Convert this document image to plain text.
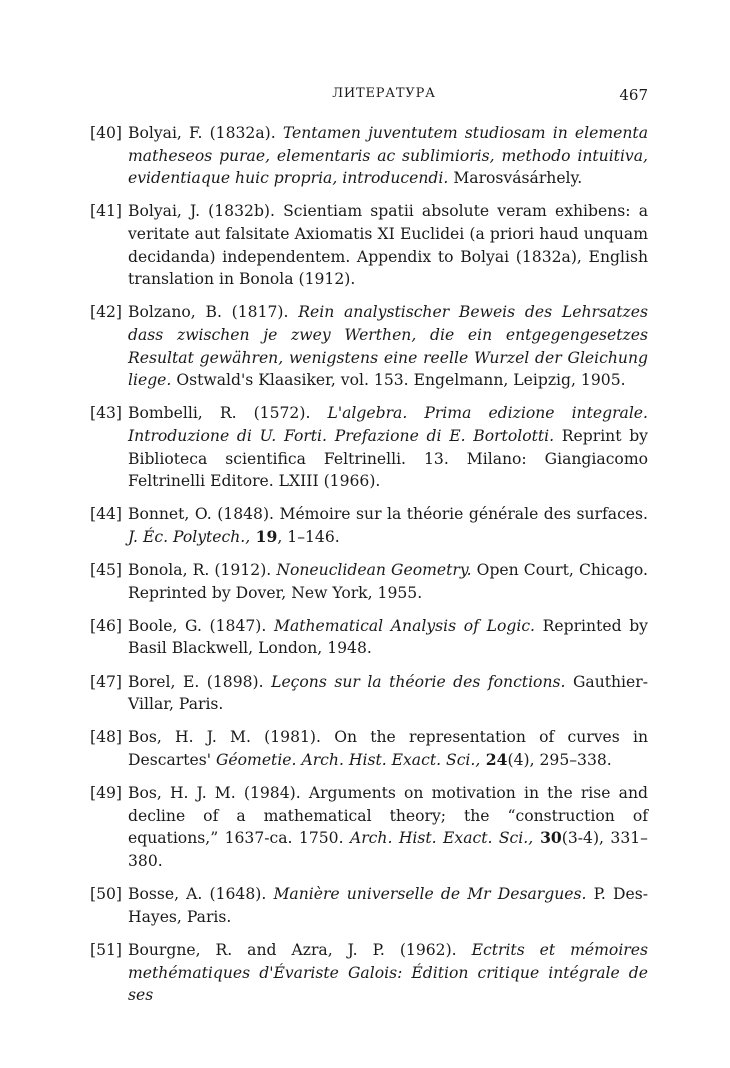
ЛИТЕРАТУРА	467
[40] Bolyai, F. (1832a). Tentamen juventutem studiosam in elementa matheseos purae, elementaris ac sublimioris, methodo intuitiva, evidentiaque huic propria, introducendi. Marosvásárhely.
[41] Bolyai, J. (1832b). Scientiam spatii absolute veram exhibens: a veritate aut falsitate Axiomatis XI Euclidei (a priori haud unquam decidanda) independentem. Appendix to Bolyai (1832a), English translation in Bonola (1912).
[42] Bolzano, B. (1817). Rein analystischer Beweis des Lehrsatzes dass zwischen je zwey Werthen, die ein entgegengesetzes Resultat gewähren, wenigstens eine reelle Wurzel der Gleichung liege. Ostwald's Klaasiker, vol. 153. Engelmann, Leipzig, 1905.
[43] Bombelli, R. (1572). L'algebra. Prima edizione integrale. Introduzione di U. Forti. Prefazione di E. Bortolotti. Reprint by Biblioteca scientifica Feltrinelli. 13. Milano: Giangiacomo Feltrinelli Editore. LXIII (1966).
[44] Bonnet, O. (1848). Mémoire sur la théorie générale des surfaces. J. Éc. Polytech., 19, 1–146.
[45] Bonola, R. (1912). Noneuclidean Geometry. Open Court, Chicago. Reprinted by Dover, New York, 1955.
[46] Boole, G. (1847). Mathematical Analysis of Logic. Reprinted by Basil Blackwell, London, 1948.
[47] Borel, E. (1898). Leçons sur la théorie des fonctions. Gauthier-Villar, Paris.
[48] Bos, H. J. M. (1981). On the representation of curves in Descartes' Géometie. Arch. Hist. Exact. Sci., 24(4), 295–338.
[49] Bos, H. J. M. (1984). Arguments on motivation in the rise and decline of a mathematical theory; the “construction of equations,” 1637-ca. 1750. Arch. Hist. Exact. Sci., 30(3-4), 331–380.
[50] Bosse, A. (1648). Manière universelle de Mr Desargues. P. Des-Hayes, Paris.
[51] Bourgne, R. and Azra, J. P. (1962). Ectrits et mémoires methématiques d'Évariste Galois: Édition critique intégrale de ses
